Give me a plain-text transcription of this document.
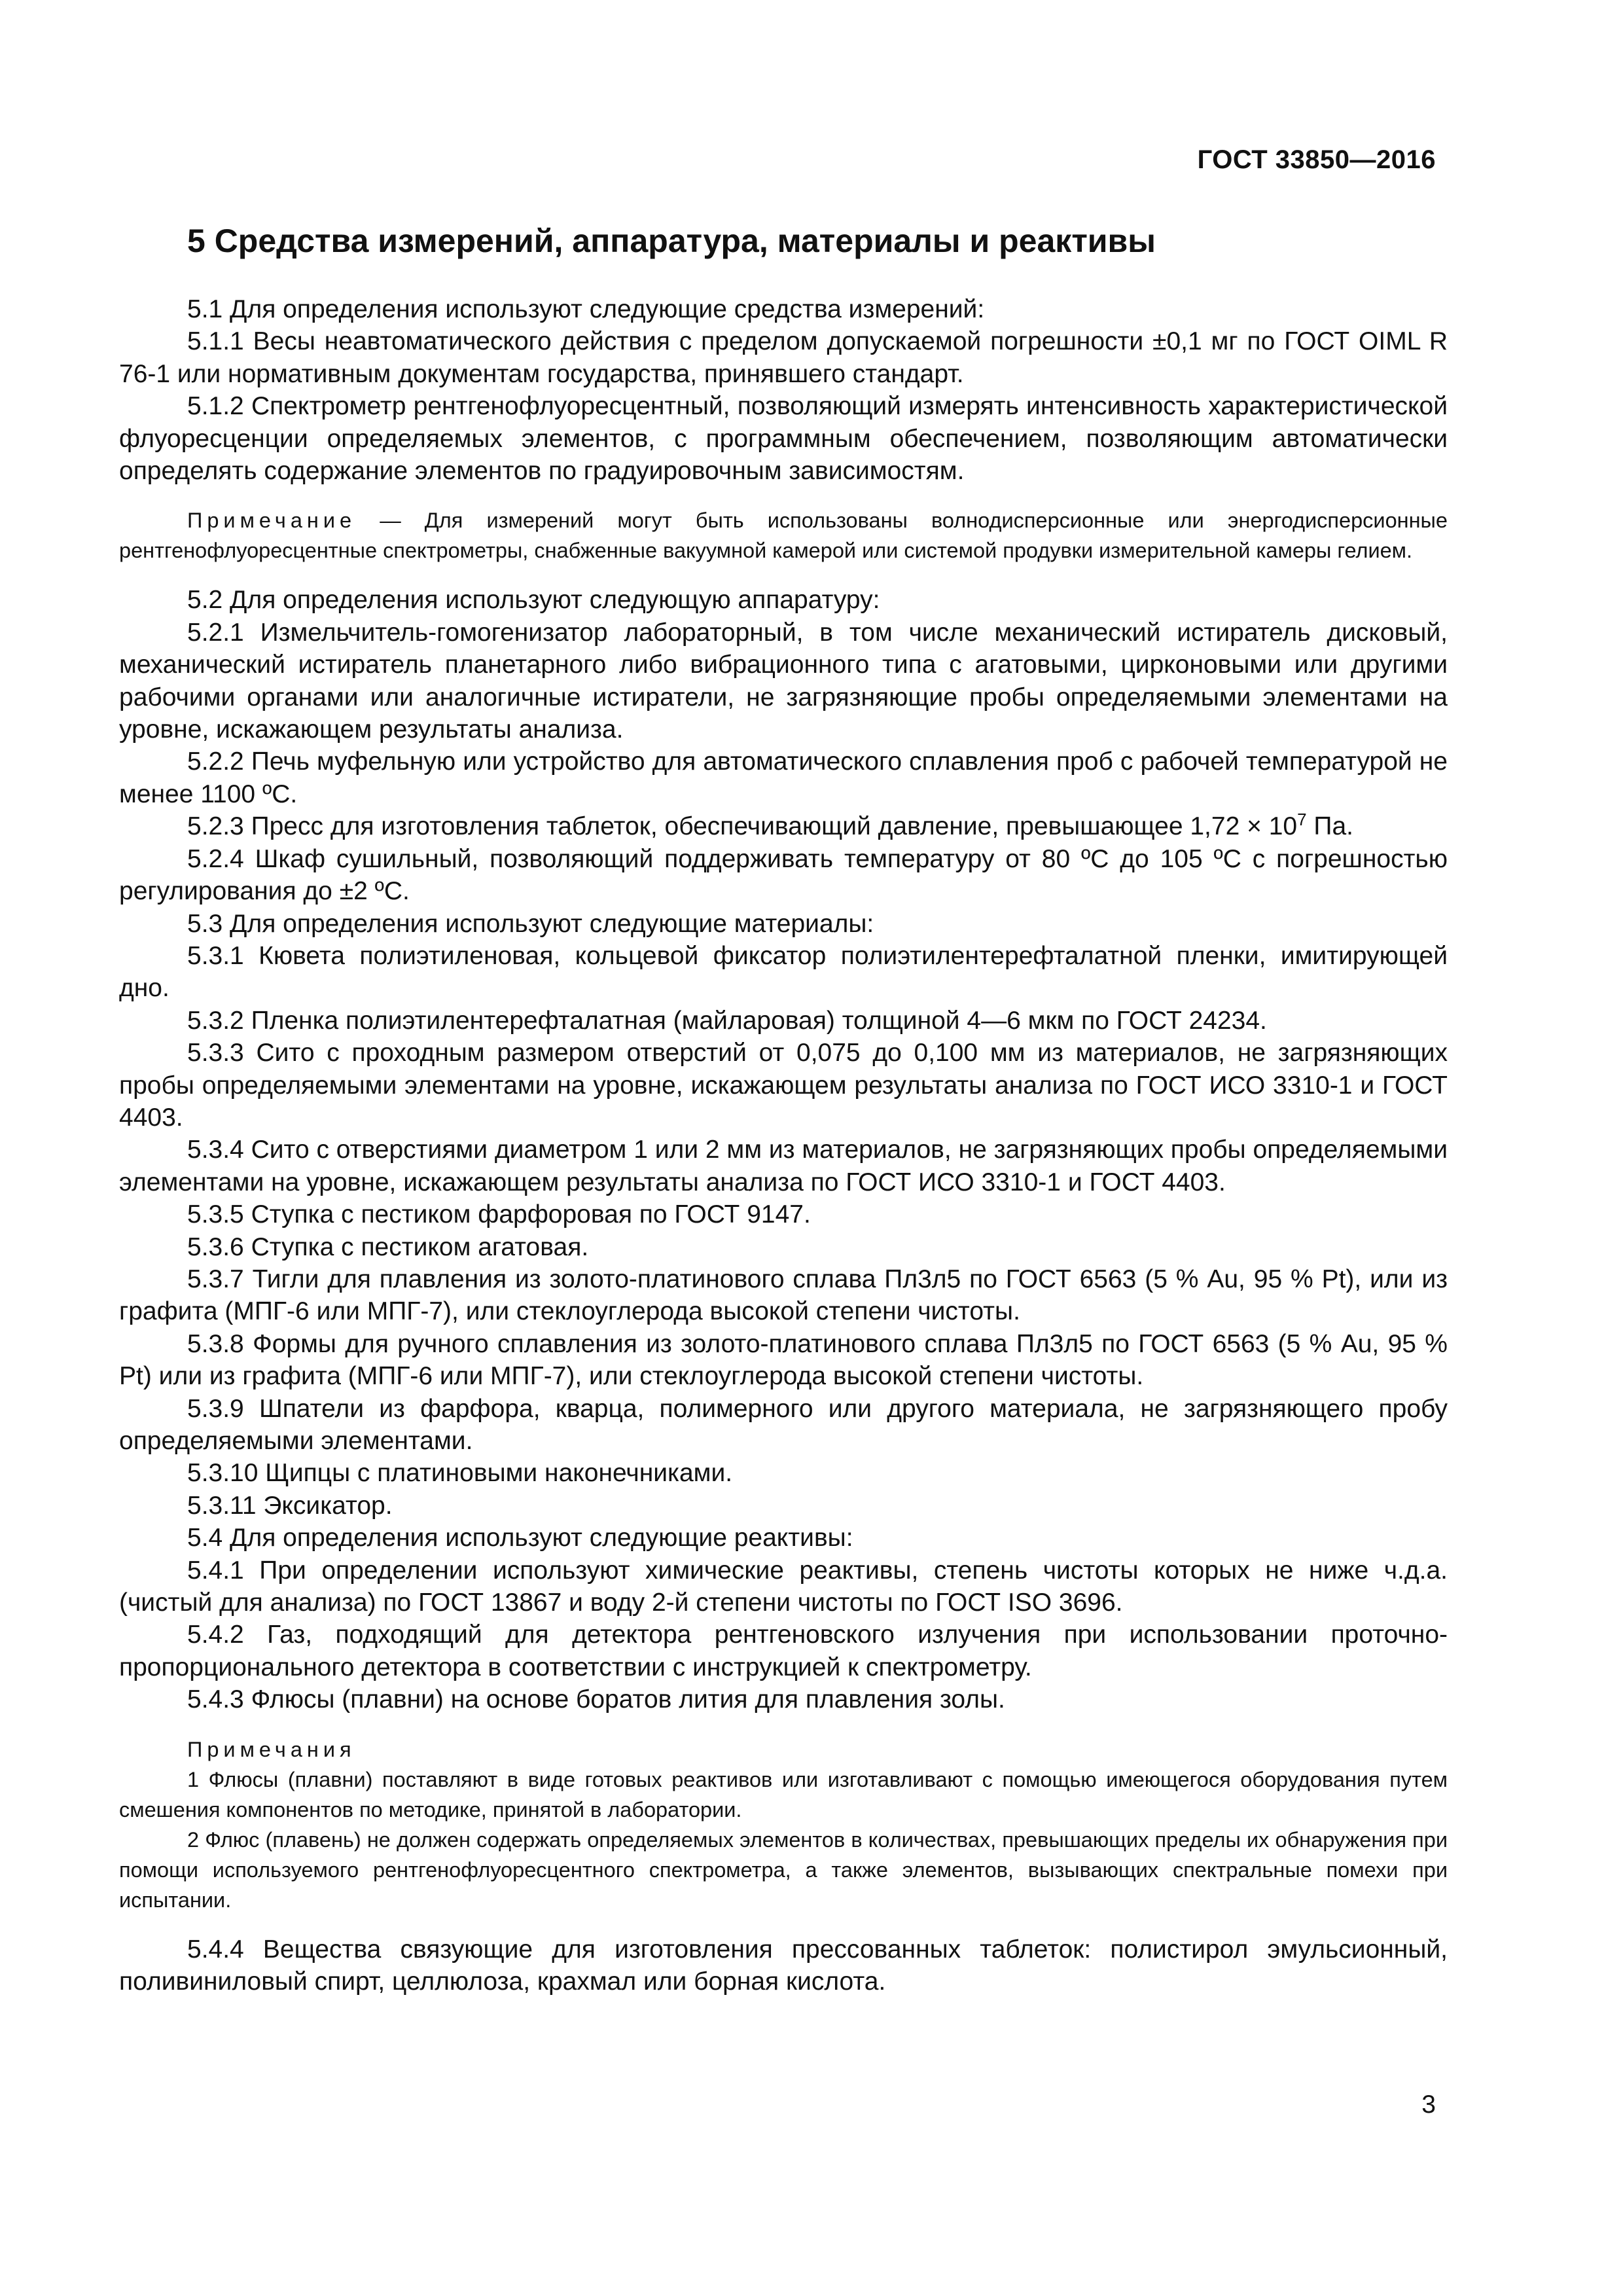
ГОСТ 33850—2016
5 Средства измерений, аппаратура, материалы и реактивы

5.1 Для определения используют следующие средства измерений:

5.1.1 Весы неавтоматического действия с пределом допускаемой погрешности ±0,1 мг по ГОСТ OIML R 76-1 или нормативным документам государства, принявшего стандарт.

5.1.2 Спектрометр рентгенофлуоресцентный, позволяющий измерять интенсивность характеристической флуоресценции определяемых элементов, с программным обеспечением, позволяющим автоматически определять содержание элементов по градуировочным зависимостям.

Примечание — Для измерений могут быть использованы волнодисперсионные или энергодисперсионные рентгенофлуоресцентные спектрометры, снабженные вакуумной камерой или системой продувки измерительной камеры гелием.

5.2 Для определения используют следующую аппаратуру:

5.2.1 Измельчитель-гомогенизатор лабораторный, в том числе механический истиратель дисковый, механический истиратель планетарного либо вибрационного типа с агатовыми, цирконовыми или другими рабочими органами или аналогичные истиратели, не загрязняющие пробы определяемыми элементами на уровне, искажающем результаты анализа.

5.2.2 Печь муфельную или устройство для автоматического сплавления проб с рабочей температурой не менее 1100 ºС.

5.2.3 Пресс для изготовления таблеток, обеспечивающий давление, превышающее $1,72 \times 10^7$ Па.

5.2.4 Шкаф сушильный, позволяющий поддерживать температуру от 80 ºС до 105 ºС с погрешностью регулирования до ±2 ºС.

5.3 Для определения используют следующие материалы:

5.3.1 Кювета полиэтиленовая, кольцевой фиксатор полиэтилентерефталатной пленки, имитирующей дно.

5.3.2 Пленка полиэтилентерефталатная (майларовая) толщиной 4—6 мкм по ГОСТ 24234.

5.3.3 Сито с проходным размером отверстий от 0,075 до 0,100 мм из материалов, не загрязняющих пробы определяемыми элементами на уровне, искажающем результаты анализа по ГОСТ ИСО 3310-1 и ГОСТ 4403.

5.3.4 Сито с отверстиями диаметром 1 или 2 мм из материалов, не загрязняющих пробы определяемыми элементами на уровне, искажающем результаты анализа по ГОСТ ИСО 3310-1 и ГОСТ 4403.

5.3.5 Ступка с пестиком фарфоровая по ГОСТ 9147.

5.3.6 Ступка с пестиком агатовая.

5.3.7 Тигли для плавления из золото-платинового сплава Пл3л5 по ГОСТ 6563 (5 % Au, 95 % Pt), или из графита (МПГ-6 или МПГ-7), или стеклоуглерода высокой степени чистоты.

5.3.8 Формы для ручного сплавления из золото-платинового сплава Пл3л5 по ГОСТ 6563 (5 % Au, 95 % Pt) или из графита (МПГ-6 или МПГ-7), или стеклоуглерода высокой степени чистоты.

5.3.9 Шпатели из фарфора, кварца, полимерного или другого материала, не загрязняющего пробу определяемыми элементами.

5.3.10 Щипцы с платиновыми наконечниками.

5.3.11 Эксикатор.

5.4 Для определения используют следующие реактивы:

5.4.1 При определении используют химические реактивы, степень чистоты которых не ниже ч.д.а. (чистый для анализа) по ГОСТ 13867 и воду 2-й степени чистоты по ГОСТ ISO 3696.

5.4.2 Газ, подходящий для детектора рентгеновского излучения при использовании проточно-пропорционального детектора в соответствии с инструкцией к спектрометру.

5.4.3 Флюсы (плавни) на основе боратов лития для плавления золы.

Примечания

1 Флюсы (плавни) поставляют в виде готовых реактивов или изготавливают с помощью имеющегося оборудования путем смешения компонентов по методике, принятой в лаборатории.

2 Флюс (плавень) не должен содержать определяемых элементов в количествах, превышающих пределы их обнаружения при помощи используемого рентгенофлуоресцентного спектрометра, а также элементов, вызывающих спектральные помехи при испытании.

5.4.4 Вещества связующие для изготовления прессованных таблеток: полистирол эмульсионный, поливиниловый спирт, целлюлоза, крахмал или борная кислота.

3
